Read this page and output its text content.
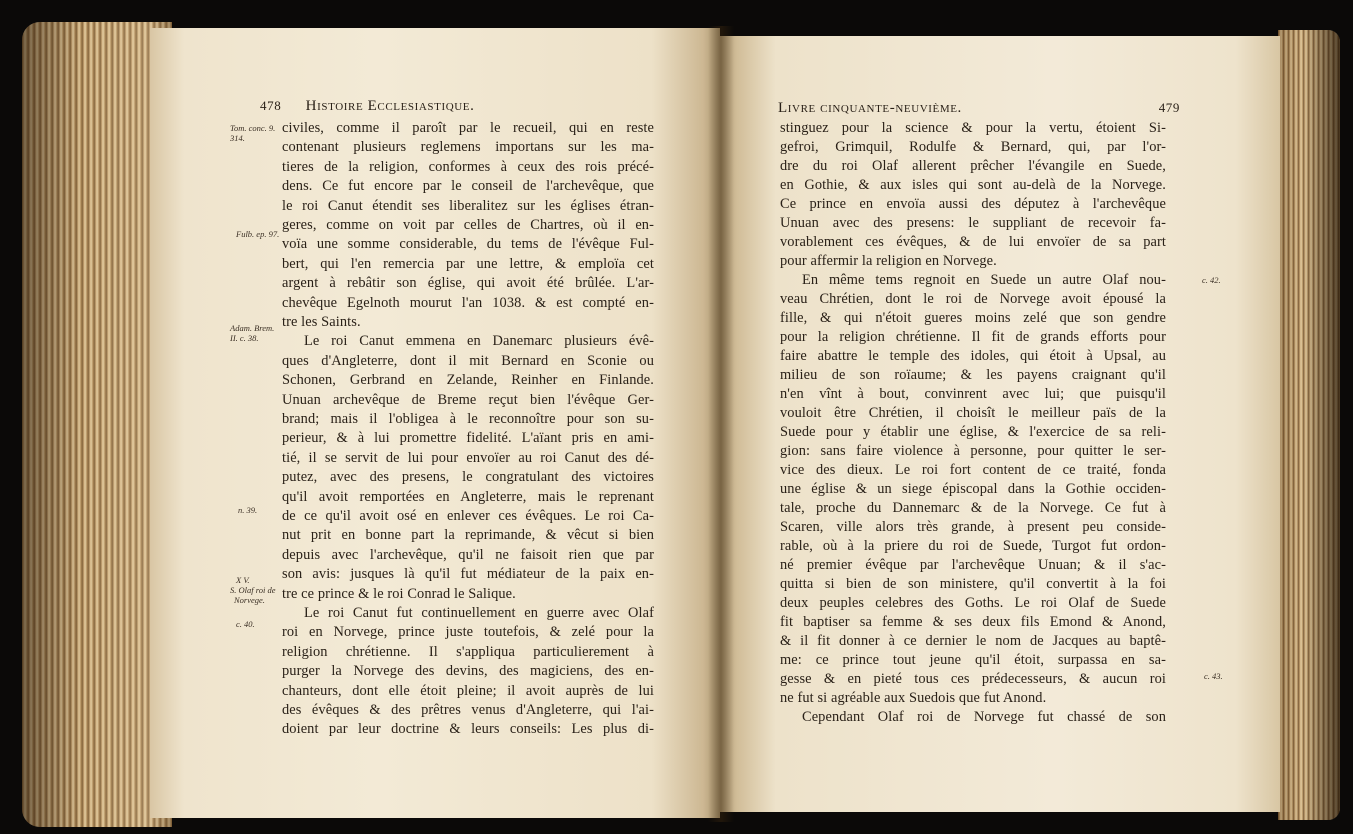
478 Histoire Ecclesiastique.
civiles, comme il paroît par le recueil, qui en reste
contenant plusieurs reglemens importans sur les ma-
tieres de la religion, conformes à ceux des rois précé-
dens. Ce fut encore par le conseil de l'archevêque, que
le roi Canut étendit ses liberalitez sur les églises étran-
geres, comme on voit par celles de Chartres, où il en-
voïa une somme considerable, du tems de l'évêque Ful-
bert, qui l'en remercia par une lettre, & emploïa cet
argent à rebâtir son église, qui avoit été brûlée. L'ar-
chevêque Egelnoth mourut l'an 1038. & est compté en-
tre les Saints.
Le roi Canut emmena en Danemarc plusieurs évê-
ques d'Angleterre, dont il mit Bernard en Sconie ou
Schonen, Gerbrand en Zelande, Reinher en Finlande.
Unuan archevêque de Breme reçut bien l'évêque Ger-
brand; mais il l'obligea à le reconnoître pour son su-
perieur, & à lui promettre fidelité. L'aïant pris en ami-
tié, il se servit de lui pour envoïer au roi Canut des dé-
putez, avec des presens, le congratulant des victoires
qu'il avoit remportées en Angleterre, mais le reprenant
de ce qu'il avoit osé en enlever ces évêques. Le roi Ca-
nut prit en bonne part la reprimande, & vêcut si bien
depuis avec l'archevêque, qu'il ne faisoit rien que par
son avis: jusques là qu'il fut médiateur de la paix en-
tre ce prince & le roi Conrad le Salique.
Le roi Canut fut continuellement en guerre avec Olaf
roi en Norvege, prince juste toutefois, & zelé pour la
religion chrétienne. Il s'appliqua particulierement à
purger la Norvege des devins, des magiciens, des en-
chanteurs, dont elle étoit pleine; il avoit auprès de lui
des évêques & des prêtres venus d'Angleterre, qui l'ai-
doient par leur doctrine & leurs conseils: Les plus di-
Tom. conc. 9.
314.
Fulb. ep. 97.
Adam. Brem.
II. c. 38.
n. 39.
X V.
S. Olaf roi de
Norvege.
c. 40.
Livre cinquante-neuvième.	479
stinguez pour la science & pour la vertu, étoient Si-
gefroi, Grimquil, Rodulfe & Bernard, qui, par l'or-
dre du roi Olaf allerent prêcher l'évangile en Suede,
en Gothie, & aux isles qui sont au-delà de la Norvege.
Ce prince en envoïa aussi des députez à l'archevêque
Unuan avec des presens: le suppliant de recevoir fa-
vorablement ces évêques, & de lui envoïer de sa part
pour affermir la religion en Norvege.
En même tems regnoit en Suede un autre Olaf nou-
veau Chrétien, dont le roi de Norvege avoit épousé la
fille, & qui n'étoit gueres moins zelé que son gendre
pour la religion chrétienne. Il fit de grands efforts pour
faire abattre le temple des idoles, qui étoit à Upsal, au
milieu de son roïaume; & les payens craignant qu'il
n'en vînt à bout, convinrent avec lui; que puisqu'il
vouloit être Chrétien, il choisît le meilleur païs de la
Suede pour y établir une église, & l'exercice de sa reli-
gion: sans faire violence à personne, pour quitter le ser-
vice des dieux. Le roi fort content de ce traité, fonda
une église & un siege épiscopal dans la Gothie occiden-
tale, proche du Dannemarc & de la Norvege. Ce fut à
Scaren, ville alors très grande, à present peu conside-
rable, où à la priere du roi de Suede, Turgot fut ordon-
né premier évêque par l'archevêque Unuan; & il s'ac-
quitta si bien de son ministere, qu'il convertit à la foi
deux peuples celebres des Goths. Le roi Olaf de Suede
fit baptiser sa femme & ses deux fils Emond & Anond,
& il fit donner à ce dernier le nom de Jacques au baptê-
me: ce prince tout jeune qu'il étoit, surpassa en sa-
gesse & en pieté tous ces prédecesseurs, & aucun roi
ne fut si agréable aux Suedois que fut Anond.
Cependant Olaf roi de Norvege fut chassé de son
c. 42.
c. 43.
